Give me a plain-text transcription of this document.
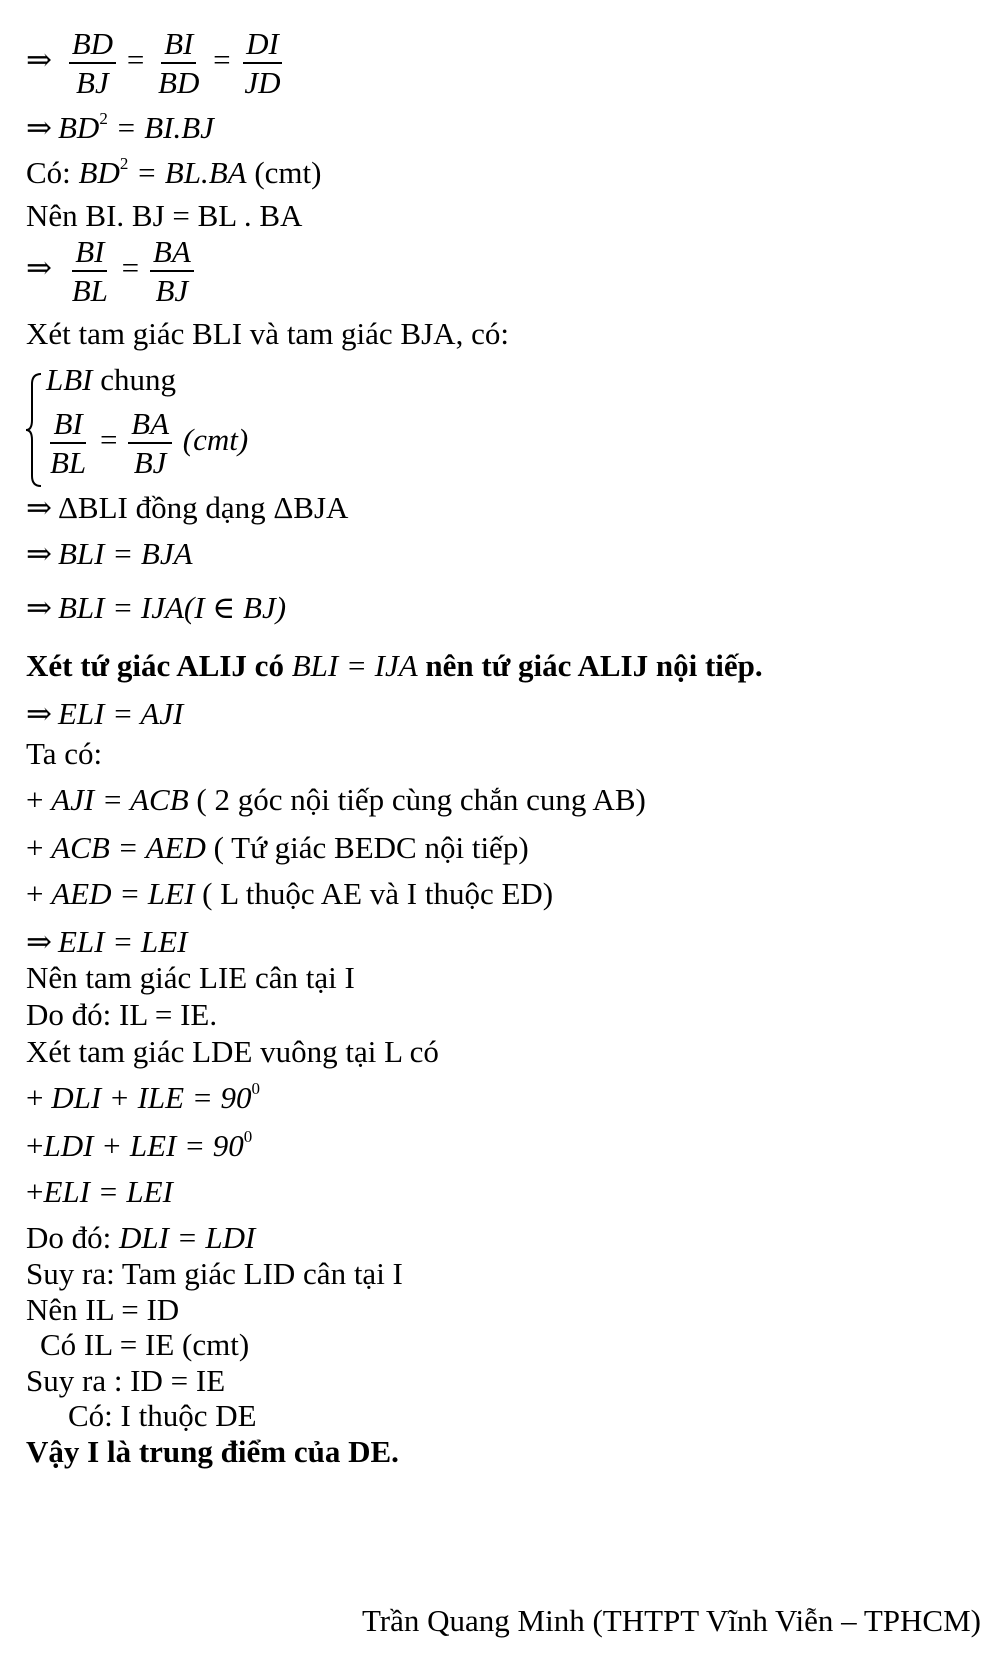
⇒ $\frac{BD}{BJ} = \frac{BI}{BD} = \frac{DI}{JD}$
⇒ $BD^2 = BI.BJ$
Có: $BD^2 = BL.BA$ (cmt)
Nên BI. BJ = BL . BA
⇒ $\frac{BI}{BL} = \frac{BA}{BJ}$
Xét tam giác BLI và tam giác BJA, có:
LBI chung
$\frac{BI}{BL} = \frac{BA}{BJ} (cmt)$
⇒ ΔBLI đồng dạng ΔBJA
⇒ BLI = BJA
⇒ BLI = IJA(I ∈ BJ)
Xét tứ giác ALIJ có BLI = IJA nên tứ giác ALIJ nội tiếp.
⇒ ELI = AJI
Ta có:
+ AJI = ACB ( 2 góc nội tiếp cùng chắn cung AB)
+ ACB = AED ( Tứ giác BEDC nội tiếp)
+ AED = LEI ( L thuộc AE và I thuộc ED)
⇒ ELI = LEI
Nên tam giác LIE cân tại I
Do đó: IL = IE.
Xét tam giác LDE vuông tại L có
+ DLI + ILE = $90^0$
+LDI + LEI = $90^0$
+ELI = LEI
Do đó: DLI = LDI
Suy ra: Tam giác LID cân tại I
Nên IL = ID
Có IL = IE (cmt)
Suy ra : ID = IE
Có: I thuộc DE
Vậy I là trung điểm của DE.
Trần Quang Minh (THTPT Vĩnh Viễn – TPHCM)
